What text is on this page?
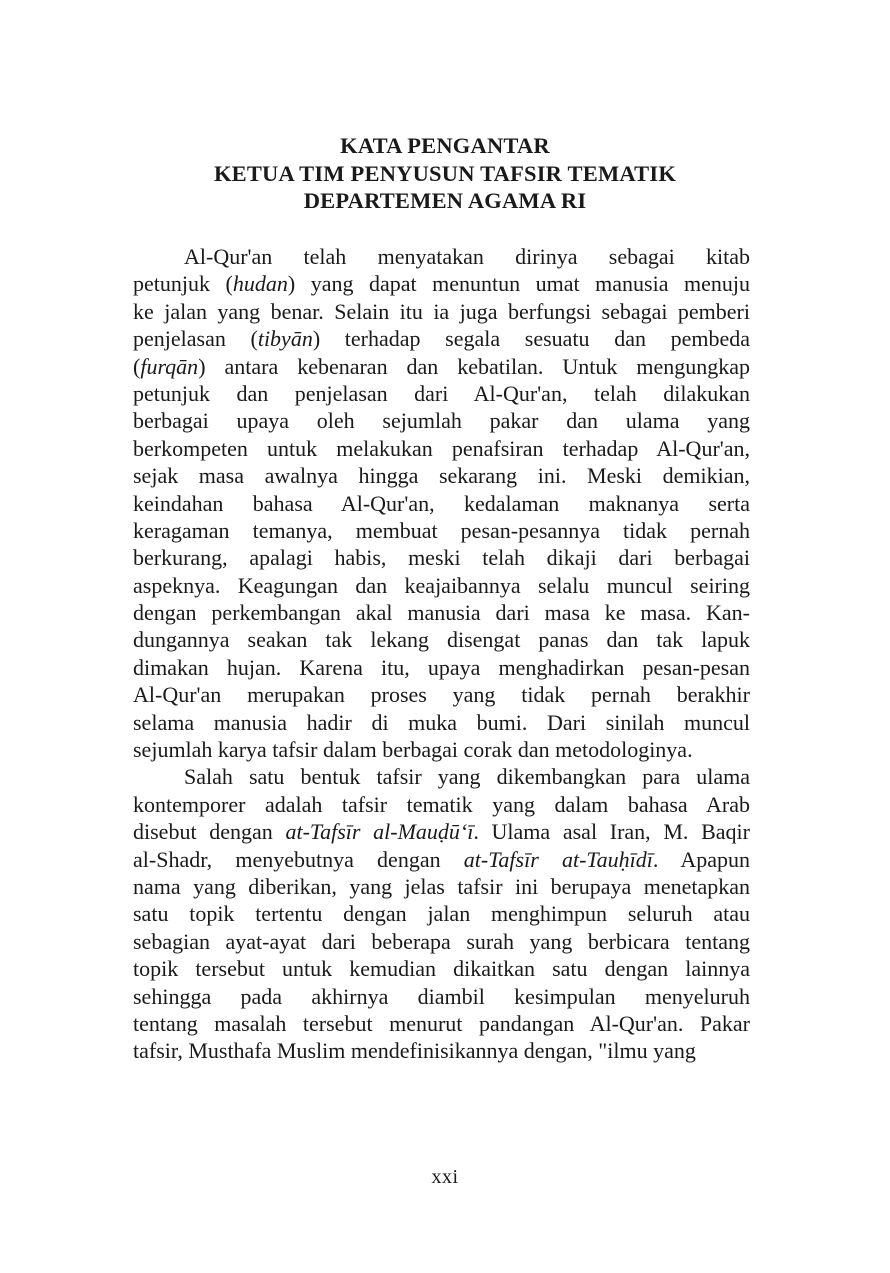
KATA PENGANTAR
KETUA TIM PENYUSUN TAFSIR TEMATIK
DEPARTEMEN AGAMA RI
Al-Qur'an telah menyatakan dirinya sebagai kitab
petunjuk (hudan) yang dapat menuntun umat manusia menuju
ke jalan yang benar. Selain itu ia juga berfungsi sebagai pemberi
penjelasan (tibyān) terhadap segala sesuatu dan pembeda
(furqān) antara kebenaran dan kebatilan. Untuk mengungkap
petunjuk dan penjelasan dari Al-Qur'an, telah dilakukan
berbagai upaya oleh sejumlah pakar dan ulama yang
berkompeten untuk melakukan penafsiran terhadap Al-Qur'an,
sejak masa awalnya hingga sekarang ini. Meski demikian,
keindahan bahasa Al-Qur'an, kedalaman maknanya serta
keragaman temanya, membuat pesan-pesannya tidak pernah
berkurang, apalagi habis, meski telah dikaji dari berbagai
aspeknya. Keagungan dan keajaibannya selalu muncul seiring
dengan perkembangan akal manusia dari masa ke masa. Kan-
dungannya seakan tak lekang disengat panas dan tak lapuk
dimakan hujan. Karena itu, upaya menghadirkan pesan-pesan
Al-Qur'an merupakan proses yang tidak pernah berakhir
selama manusia hadir di muka bumi. Dari sinilah muncul
sejumlah karya tafsir dalam berbagai corak dan metodologinya.
Salah satu bentuk tafsir yang dikembangkan para ulama
kontemporer adalah tafsir tematik yang dalam bahasa Arab
disebut dengan at-Tafsīr al-Mauḍū‘ī. Ulama asal Iran, M. Baqir
al-Shadr, menyebutnya dengan at-Tafsīr at-Tauḥīdī. Apapun
nama yang diberikan, yang jelas tafsir ini berupaya menetapkan
satu topik tertentu dengan jalan menghimpun seluruh atau
sebagian ayat-ayat dari beberapa surah yang berbicara tentang
topik tersebut untuk kemudian dikaitkan satu dengan lainnya
sehingga pada akhirnya diambil kesimpulan menyeluruh
tentang masalah tersebut menurut pandangan Al-Qur'an. Pakar
tafsir, Musthafa Muslim mendefinisikannya dengan, "ilmu yang
xxi
